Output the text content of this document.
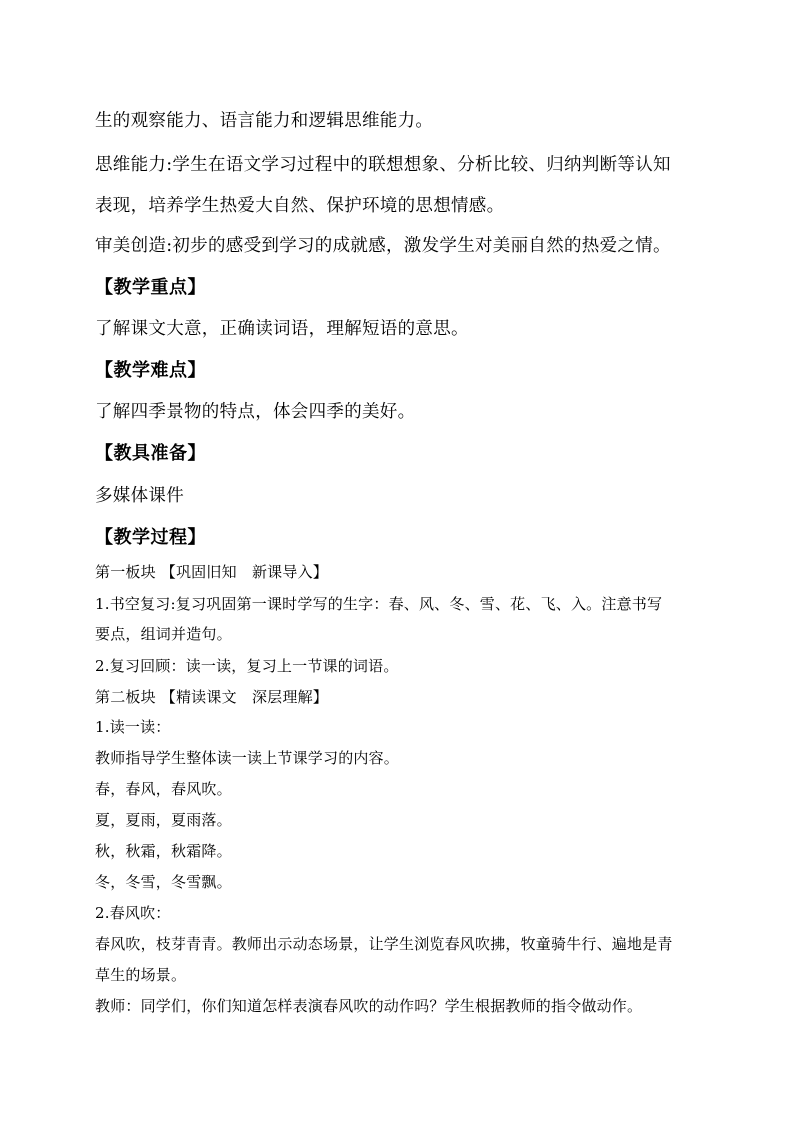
生的观察能力、语言能力和逻辑思维能力。
思维能力:学生在语文学习过程中的联想想象、分析比较、归纳判断等认知
表现，培养学生热爱大自然、保护环境的思想情感。
审美创造:初步的感受到学习的成就感，激发学生对美丽自然的热爱之情。
【教学重点】
了解课文大意，正确读词语，理解短语的意思。
【教学难点】
了解四季景物的特点，体会四季的美好。
【教具准备】
多媒体课件
【教学过程】
第一板块 【巩固旧知　新课导入】
1.书空复习:复习巩固第一课时学写的生字：春、风、冬、雪、花、飞、入。注意书写
要点，组词并造句。
2.复习回顾：读一读，复习上一节课的词语。
第二板块 【精读课文　深层理解】
1.读一读：
教师指导学生整体读一读上节课学习的内容。
春，春风，春风吹。
夏，夏雨，夏雨落。
秋，秋霜，秋霜降。
冬，冬雪，冬雪飘。
2.春风吹：
春风吹，枝芽青青。教师出示动态场景，让学生浏览春风吹拂，牧童骑牛行、遍地是青
草生的场景。
教师：同学们，你们知道怎样表演春风吹的动作吗？学生根据教师的指令做动作。
